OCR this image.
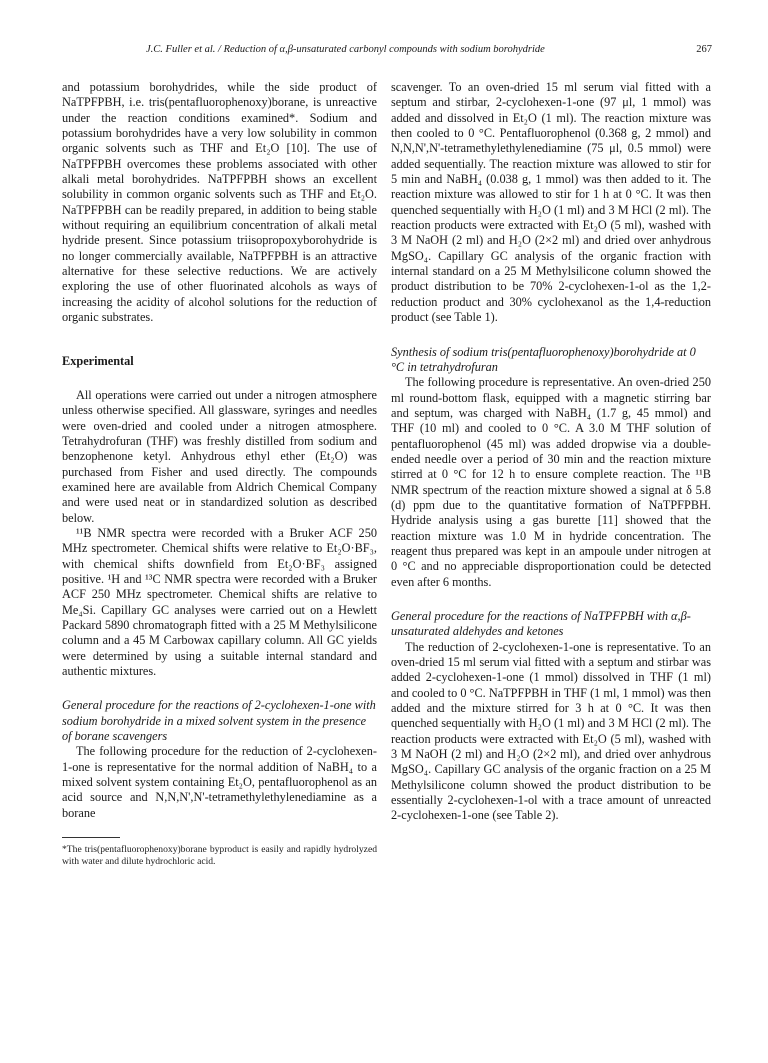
J.C. Fuller et al. / Reduction of α,β-unsaturated carbonyl compounds with sodium borohydride	267

and potassium borohydrides, while the side product of NaTPFPBH, i.e. tris(pentafluorophenoxy)borane, is unreactive under the reaction conditions examined*. Sodium and potassium borohydrides have a very low solubility in common organic solvents such as THF and Et₂O [10]. The use of NaTPFPBH overcomes these problems associated with other alkali metal borohydrides. NaTPFPBH shows an excellent solubility in common organic solvents such as THF and Et₂O. NaTPFPBH can be readily prepared, in addition to being stable without requiring an equilibrium concentration of alkali metal hydride present. Since potassium triisopropoxyborohydride is no longer commercially available, NaTPFPBH is an attractive alternative for these selective reductions. We are actively exploring the use of other fluorinated alcohols as ways of increasing the acidity of alcohol solutions for the reduction of organic substrates.

Experimental

All operations were carried out under a nitrogen atmosphere unless otherwise specified. All glassware, syringes and needles were oven-dried and cooled under a nitrogen atmosphere. Tetrahydrofuran (THF) was freshly distilled from sodium and benzophenone ketyl. Anhydrous ethyl ether (Et₂O) was purchased from Fisher and used directly. The compounds examined here are available from Aldrich Chemical Company and were used neat or in standardized solution as described below.

¹¹B NMR spectra were recorded with a Bruker ACF 250 MHz spectrometer. Chemical shifts were relative to Et₂O·BF₃, with chemical shifts downfield from Et₂O·BF₃ assigned positive. ¹H and ¹³C NMR spectra were recorded with a Bruker ACF 250 MHz spectrometer. Chemical shifts are relative to Me₄Si. Capillary GC analyses were carried out on a Hewlett Packard 5890 chromatograph fitted with a 25 M Methylsilicone column and a 45 M Carbowax capillary column. All GC yields were determined by using a suitable internal standard and authentic mixtures.

General procedure for the reactions of 2-cyclohexen-1-one with sodium borohydride in a mixed solvent system in the presence of borane scavengers

The following procedure for the reduction of 2-cyclohexen-1-one is representative for the normal addition of NaBH₄ to a mixed solvent system containing Et₂O, pentafluorophenol as an acid source and N,N,N',N'-tetramethylethylenediamine as a borane

*The tris(pentafluorophenoxy)borane byproduct is easily and rapidly hydrolyzed with water and dilute hydrochloric acid.

scavenger. To an oven-dried 15 ml serum vial fitted with a septum and stirbar, 2-cyclohexen-1-one (97 μl, 1 mmol) was added and dissolved in Et₂O (1 ml). The reaction mixture was then cooled to 0 °C. Pentafluorophenol (0.368 g, 2 mmol) and N,N,N',N'-tetramethylethylenediamine (75 μl, 0.5 mmol) were added sequentially. The reaction mixture was allowed to stir for 5 min and NaBH₄ (0.038 g, 1 mmol) was then added to it. The reaction mixture was allowed to stir for 1 h at 0 °C. It was then quenched sequentially with H₂O (1 ml) and 3 M HCl (2 ml). The reaction products were extracted with Et₂O (5 ml), washed with 3 M NaOH (2 ml) and H₂O (2×2 ml) and dried over anhydrous MgSO₄. Capillary GC analysis of the organic fraction with internal standard on a 25 M Methylsilicone column showed the product distribution to be 70% 2-cyclohexen-1-ol as the 1,2-reduction product and 30% cyclohexanol as the 1,4-reduction product (see Table 1).

Synthesis of sodium tris(pentafluorophenoxy)borohydride at 0 °C in tetrahydrofuran

The following procedure is representative. An oven-dried 250 ml round-bottom flask, equipped with a magnetic stirring bar and septum, was charged with NaBH₄ (1.7 g, 45 mmol) and THF (10 ml) and cooled to 0 °C. A 3.0 M THF solution of pentafluorophenol (45 ml) was added dropwise via a double-ended needle over a period of 30 min and the reaction mixture stirred at 0 °C for 12 h to ensure complete reaction. The ¹¹B NMR spectrum of the reaction mixture showed a signal at δ 5.8 (d) ppm due to the quantitative formation of NaTPFPBH. Hydride analysis using a gas burette [11] showed that the reaction mixture was 1.0 M in hydride concentration. The reagent thus prepared was kept in an ampoule under nitrogen at 0 °C and no appreciable disproportionation could be detected even after 6 months.

General procedure for the reactions of NaTPFPBH with α,β-unsaturated aldehydes and ketones

The reduction of 2-cyclohexen-1-one is representative. To an oven-dried 15 ml serum vial fitted with a septum and stirbar was added 2-cyclohexen-1-one (1 mmol) dissolved in THF (1 ml) and cooled to 0 °C. NaTPFPBH in THF (1 ml, 1 mmol) was then added and the mixture stirred for 3 h at 0 °C. It was then quenched sequentially with H₂O (1 ml) and 3 M HCl (2 ml). The reaction products were extracted with Et₂O (5 ml), washed with 3 M NaOH (2 ml) and H₂O (2×2 ml), and dried over anhydrous MgSO₄. Capillary GC analysis of the organic fraction on a 25 M Methylsilicone column showed the product distribution to be essentially 2-cyclohexen-1-ol with a trace amount of unreacted 2-cyclohexen-1-one (see Table 2).
